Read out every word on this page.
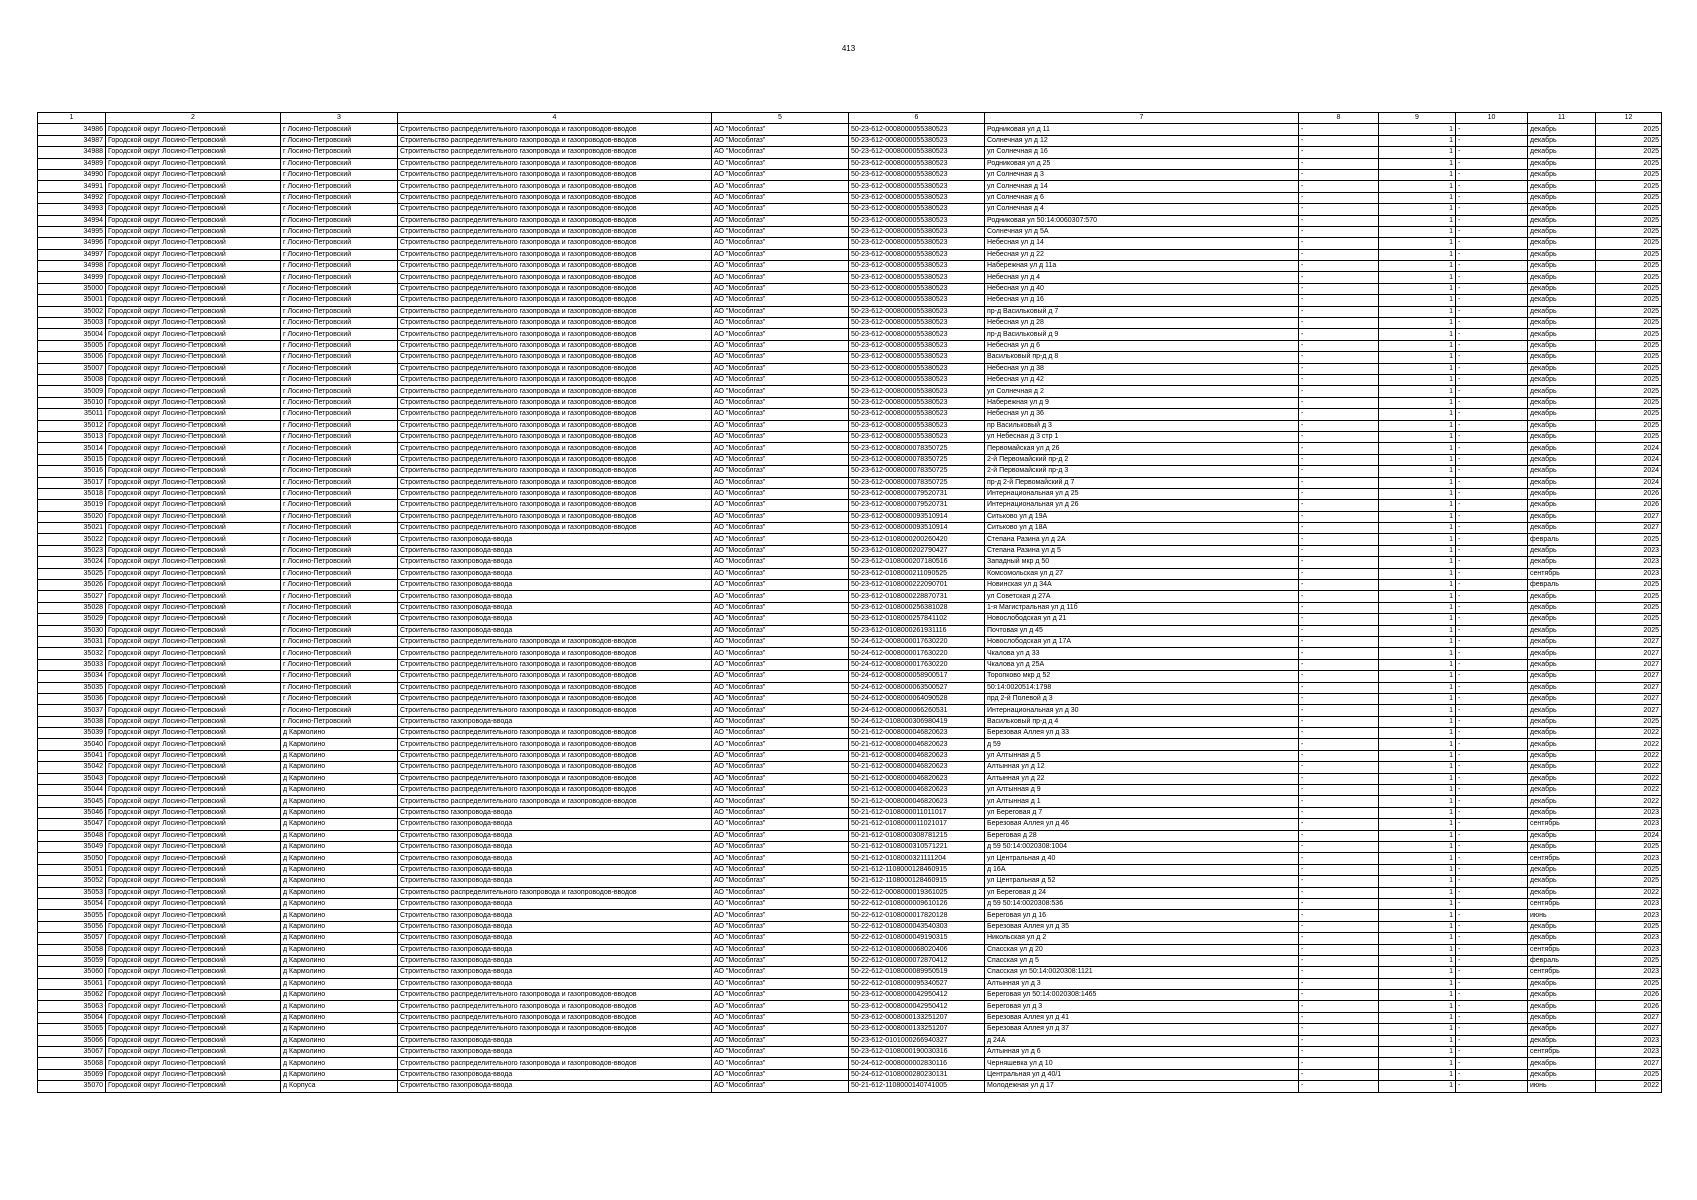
413
1	2	3	4	5	6	7	8	9	10	11	12
34986	Городской округ Лосино-Петровский	г Лосино-Петровский	Строительство распределительного газопровода и газопроводов-вводов	АО "Мособлгаз"	50-23-612-0008000055380523	Родниковая ул д 11	-	1	-	декабрь	2025
34987	Городской округ Лосино-Петровский	г Лосино-Петровский	Строительство распределительного газопровода и газопроводов-вводов	АО "Мособлгаз"	50-23-612-0008000055380523	Солнечная ул д 12	-	1	-	декабрь	2025
34988	Городской округ Лосино-Петровский	г Лосино-Петровский	Строительство распределительного газопровода и газопроводов-вводов	АО "Мособлгаз"	50-23-612-0008000055380523	ул Солнечная д 16	-	1	-	декабрь	2025
34989	Городской округ Лосино-Петровский	г Лосино-Петровский	Строительство распределительного газопровода и газопроводов-вводов	АО "Мособлгаз"	50-23-612-0008000055380523	Родниковая ул д 25	-	1	-	декабрь	2025
34990	Городской округ Лосино-Петровский	г Лосино-Петровский	Строительство распределительного газопровода и газопроводов-вводов	АО "Мособлгаз"	50-23-612-0008000055380523	ул Солнечная д 3	-	1	-	декабрь	2025
34991	Городской округ Лосино-Петровский	г Лосино-Петровский	Строительство распределительного газопровода и газопроводов-вводов	АО "Мособлгаз"	50-23-612-0008000055380523	ул Солнечная д 14	-	1	-	декабрь	2025
34992	Городской округ Лосино-Петровский	г Лосино-Петровский	Строительство распределительного газопровода и газопроводов-вводов	АО "Мособлгаз"	50-23-612-0008000055380523	ул Солнечная д 6	-	1	-	декабрь	2025
34993	Городской округ Лосино-Петровский	г Лосино-Петровский	Строительство распределительного газопровода и газопроводов-вводов	АО "Мособлгаз"	50-23-612-0008000055380523	ул Солнечная д 4	-	1	-	декабрь	2025
34994	Городской округ Лосино-Петровский	г Лосино-Петровский	Строительство распределительного газопровода и газопроводов-вводов	АО "Мособлгаз"	50-23-612-0008000055380523	Родниковая ул 50:14:0060307:570	-	1	-	декабрь	2025
34995	Городской округ Лосино-Петровский	г Лосино-Петровский	Строительство распределительного газопровода и газопроводов-вводов	АО "Мособлгаз"	50-23-612-0008000055380523	Солнечная ул д 5А	-	1	-	декабрь	2025
34996	Городской округ Лосино-Петровский	г Лосино-Петровский	Строительство распределительного газопровода и газопроводов-вводов	АО "Мособлгаз"	50-23-612-0008000055380523	Небесная ул д 14	-	1	-	декабрь	2025
34997	Городской округ Лосино-Петровский	г Лосино-Петровский	Строительство распределительного газопровода и газопроводов-вводов	АО "Мособлгаз"	50-23-612-0008000055380523	Небесная ул д 22	-	1	-	декабрь	2025
34998	Городской округ Лосино-Петровский	г Лосино-Петровский	Строительство распределительного газопровода и газопроводов-вводов	АО "Мособлгаз"	50-23-612-0008000055380523	Набережная ул д 11а	-	1	-	декабрь	2025
34999	Городской округ Лосино-Петровский	г Лосино-Петровский	Строительство распределительного газопровода и газопроводов-вводов	АО "Мособлгаз"	50-23-612-0008000055380523	Небесная ул д 4	-	1	-	декабрь	2025
35000	Городской округ Лосино-Петровский	г Лосино-Петровский	Строительство распределительного газопровода и газопроводов-вводов	АО "Мособлгаз"	50-23-612-0008000055380523	Небесная ул д 40	-	1	-	декабрь	2025
35001	Городской округ Лосино-Петровский	г Лосино-Петровский	Строительство распределительного газопровода и газопроводов-вводов	АО "Мособлгаз"	50-23-612-0008000055380523	Небесная ул д 16	-	1	-	декабрь	2025
35002	Городской округ Лосино-Петровский	г Лосино-Петровский	Строительство распределительного газопровода и газопроводов-вводов	АО "Мособлгаз"	50-23-612-0008000055380523	пр-д Васильковый д 7	-	1	-	декабрь	2025
35003	Городской округ Лосино-Петровский	г Лосино-Петровский	Строительство распределительного газопровода и газопроводов-вводов	АО "Мособлгаз"	50-23-612-0008000055380523	Небесная ул д 28	-	1	-	декабрь	2025
35004	Городской округ Лосино-Петровский	г Лосино-Петровский	Строительство распределительного газопровода и газопроводов-вводов	АО "Мособлгаз"	50-23-612-0008000055380523	пр-д Васильковый д 9	-	1	-	декабрь	2025
35005	Городской округ Лосино-Петровский	г Лосино-Петровский	Строительство распределительного газопровода и газопроводов-вводов	АО "Мособлгаз"	50-23-612-0008000055380523	Небесная ул д 6	-	1	-	декабрь	2025
35006	Городской округ Лосино-Петровский	г Лосино-Петровский	Строительство распределительного газопровода и газопроводов-вводов	АО "Мособлгаз"	50-23-612-0008000055380523	Васильковый пр-д д 8	-	1	-	декабрь	2025
35007	Городской округ Лосино-Петровский	г Лосино-Петровский	Строительство распределительного газопровода и газопроводов-вводов	АО "Мособлгаз"	50-23-612-0008000055380523	Небесная ул д 38	-	1	-	декабрь	2025
35008	Городской округ Лосино-Петровский	г Лосино-Петровский	Строительство распределительного газопровода и газопроводов-вводов	АО "Мособлгаз"	50-23-612-0008000055380523	Небесная ул д 42	-	1	-	декабрь	2025
35009	Городской округ Лосино-Петровский	г Лосино-Петровский	Строительство распределительного газопровода и газопроводов-вводов	АО "Мособлгаз"	50-23-612-0008000055380523	ул Солнечная д 2	-	1	-	декабрь	2025
35010	Городской округ Лосино-Петровский	г Лосино-Петровский	Строительство распределительного газопровода и газопроводов-вводов	АО "Мособлгаз"	50-23-612-0008000055380523	Набережная ул д 9	-	1	-	декабрь	2025
35011	Городской округ Лосино-Петровский	г Лосино-Петровский	Строительство распределительного газопровода и газопроводов-вводов	АО "Мособлгаз"	50-23-612-0008000055380523	Небесная ул д 36	-	1	-	декабрь	2025
35012	Городской округ Лосино-Петровский	г Лосино-Петровский	Строительство распределительного газопровода и газопроводов-вводов	АО "Мособлгаз"	50-23-612-0008000055380523	пр Васильковый д 3	-	1	-	декабрь	2025
35013	Городской округ Лосино-Петровский	г Лосино-Петровский	Строительство распределительного газопровода и газопроводов-вводов	АО "Мособлгаз"	50-23-612-0008000055380523	ул Небесная д 3 стр 1	-	1	-	декабрь	2025
35014	Городской округ Лосино-Петровский	г Лосино-Петровский	Строительство распределительного газопровода и газопроводов-вводов	АО "Мособлгаз"	50-23-612-0008000078350725	Первомайская ул д 26	-	1	-	декабрь	2024
35015	Городской округ Лосино-Петровский	г Лосино-Петровский	Строительство распределительного газопровода и газопроводов-вводов	АО "Мособлгаз"	50-23-612-0008000078350725	2-й Первомайский пр-д 2	-	1	-	декабрь	2024
35016	Городской округ Лосино-Петровский	г Лосино-Петровский	Строительство распределительного газопровода и газопроводов-вводов	АО "Мособлгаз"	50-23-612-0008000078350725	2-й Первомайский пр-д 3	-	1	-	декабрь	2024
35017	Городской округ Лосино-Петровский	г Лосино-Петровский	Строительство распределительного газопровода и газопроводов-вводов	АО "Мособлгаз"	50-23-612-0008000078350725	пр-д 2-й Первомайский д 7	-	1	-	декабрь	2024
35018	Городской округ Лосино-Петровский	г Лосино-Петровский	Строительство распределительного газопровода и газопроводов-вводов	АО "Мособлгаз"	50-23-612-0008000079520731	Интернациональная ул д 25	-	1	-	декабрь	2026
35019	Городской округ Лосино-Петровский	г Лосино-Петровский	Строительство распределительного газопровода и газопроводов-вводов	АО "Мособлгаз"	50-23-612-0008000079520731	Интернациональная ул д 26	-	1	-	декабрь	2026
35020	Городской округ Лосино-Петровский	г Лосино-Петровский	Строительство распределительного газопровода и газопроводов-вводов	АО "Мособлгаз"	50-23-612-0008000093510914	Ситьково ул д 19А	-	1	-	декабрь	2027
35021	Городской округ Лосино-Петровский	г Лосино-Петровский	Строительство распределительного газопровода и газопроводов-вводов	АО "Мособлгаз"	50-23-612-0008000093510914	Ситьково ул д 18А	-	1	-	декабрь	2027
35022	Городской округ Лосино-Петровский	г Лосино-Петровский	Строительство газопровода-ввода	АО "Мособлгаз"	50-23-612-0108000200260420	Степана Разина ул д 2А	-	1	-	февраль	2025
35023	Городской округ Лосино-Петровский	г Лосино-Петровский	Строительство газопровода-ввода	АО "Мособлгаз"	50-23-612-0108000202790427	Степана Разина ул д 5	-	1	-	декабрь	2023
35024	Городской округ Лосино-Петровский	г Лосино-Петровский	Строительство газопровода-ввода	АО "Мособлгаз"	50-23-612-0108000207180516	Западный мкр д 50	-	1	-	декабрь	2023
35025	Городской округ Лосино-Петровский	г Лосино-Петровский	Строительство газопровода-ввода	АО "Мособлгаз"	50-23-612-0108000211090525	Комсомольская ул д 27	-	1	-	сентябрь	2023
35026	Городской округ Лосино-Петровский	г Лосино-Петровский	Строительство газопровода-ввода	АО "Мособлгаз"	50-23-612-0108000222090701	Новинская ул д 34А	-	1	-	февраль	2025
35027	Городской округ Лосино-Петровский	г Лосино-Петровский	Строительство газопровода-ввода	АО "Мособлгаз"	50-23-612-0108000228870731	ул Советская д 27А	-	1	-	декабрь	2025
35028	Городской округ Лосино-Петровский	г Лосино-Петровский	Строительство газопровода-ввода	АО "Мособлгаз"	50-23-612-0108000256381028	1-я Магистральная ул д 11б	-	1	-	декабрь	2025
35029	Городской округ Лосино-Петровский	г Лосино-Петровский	Строительство газопровода-ввода	АО "Мособлгаз"	50-23-612-0108000257841102	Новослободская ул д 21	-	1	-	декабрь	2025
35030	Городской округ Лосино-Петровский	г Лосино-Петровский	Строительство газопровода-ввода	АО "Мособлгаз"	50-23-612-0108000261931116	Почтовая ул д 45	-	1	-	декабрь	2025
35031	Городской округ Лосино-Петровский	г Лосино-Петровский	Строительство распределительного газопровода и газопроводов-вводов	АО "Мособлгаз"	50-24-612-0008000017630220	Новослободская ул д 17А	-	1	-	декабрь	2027
35032	Городской округ Лосино-Петровский	г Лосино-Петровский	Строительство распределительного газопровода и газопроводов-вводов	АО "Мособлгаз"	50-24-612-0008000017630220	Чкалова ул д 33	-	1	-	декабрь	2027
35033	Городской округ Лосино-Петровский	г Лосино-Петровский	Строительство распределительного газопровода и газопроводов-вводов	АО "Мособлгаз"	50-24-612-0008000017630220	Чкалова ул д 25А	-	1	-	декабрь	2027
35034	Городской округ Лосино-Петровский	г Лосино-Петровский	Строительство распределительного газопровода и газопроводов-вводов	АО "Мособлгаз"	50-24-612-0008000058900517	Торопково мкр д 52	-	1	-	декабрь	2027
35035	Городской округ Лосино-Петровский	г Лосино-Петровский	Строительство распределительного газопровода и газопроводов-вводов	АО "Мособлгаз"	50-24-612-0008000063500527	50:14:0020514:1798	-	1	-	декабрь	2027
35036	Городской округ Лосино-Петровский	г Лосино-Петровский	Строительство распределительного газопровода и газопроводов-вводов	АО "Мособлгаз"	50-24-612-0008000064090528	прд 2-й Полевой д 3	-	1	-	декабрь	2027
35037	Городской округ Лосино-Петровский	г Лосино-Петровский	Строительство распределительного газопровода и газопроводов-вводов	АО "Мособлгаз"	50-24-612-0008000066260531	Интернациональная ул д 30	-	1	-	декабрь	2027
35038	Городской округ Лосино-Петровский	г Лосино-Петровский	Строительство газопровода-ввода	АО "Мособлгаз"	50-24-612-0108000306980419	Васильковый пр-д д 4	-	1	-	декабрь	2025
35039	Городской округ Лосино-Петровский	д Кармолино	Строительство распределительного газопровода и газопроводов-вводов	АО "Мособлгаз"	50-21-612-0008000046820623	Березовая Аллея ул д 33	-	1	-	декабрь	2022
35040	Городской округ Лосино-Петровский	д Кармолино	Строительство распределительного газопровода и газопроводов-вводов	АО "Мособлгаз"	50-21-612-0008000046820623	д 59	-	1	-	декабрь	2022
35041	Городской округ Лосино-Петровский	д Кармолино	Строительство распределительного газопровода и газопроводов-вводов	АО "Мособлгаз"	50-21-612-0008000046820623	ул Алтынная д 5	-	1	-	декабрь	2022
35042	Городской округ Лосино-Петровский	д Кармолино	Строительство распределительного газопровода и газопроводов-вводов	АО "Мособлгаз"	50-21-612-0008000046820623	Алтынная ул д 12	-	1	-	декабрь	2022
35043	Городской округ Лосино-Петровский	д Кармолино	Строительство распределительного газопровода и газопроводов-вводов	АО "Мособлгаз"	50-21-612-0008000046820623	Алтынная ул д 22	-	1	-	декабрь	2022
35044	Городской округ Лосино-Петровский	д Кармолино	Строительство распределительного газопровода и газопроводов-вводов	АО "Мособлгаз"	50-21-612-0008000046820623	ул Алтынная д 9	-	1	-	декабрь	2022
35045	Городской округ Лосино-Петровский	д Кармолино	Строительство распределительного газопровода и газопроводов-вводов	АО "Мособлгаз"	50-21-612-0008000046820623	ул Алтынная д 1	-	1	-	декабрь	2022
35046	Городской округ Лосино-Петровский	д Кармолино	Строительство газопровода-ввода	АО "Мособлгаз"	50-21-612-0108000011011017	ул Береговая д 7	-	1	-	декабрь	2023
35047	Городской округ Лосино-Петровский	д Кармолино	Строительство газопровода-ввода	АО "Мособлгаз"	50-21-612-0108000011021017	Березовая Аллея ул д 46	-	1	-	сентябрь	2023
35048	Городской округ Лосино-Петровский	д Кармолино	Строительство газопровода-ввода	АО "Мособлгаз"	50-21-612-0108000308781215	Береговая д 28	-	1	-	декабрь	2024
35049	Городской округ Лосино-Петровский	д Кармолино	Строительство газопровода-ввода	АО "Мособлгаз"	50-21-612-0108000310571221	д 59 50:14:0020308:1004	-	1	-	декабрь	2025
35050	Городской округ Лосино-Петровский	д Кармолино	Строительство газопровода-ввода	АО "Мособлгаз"	50-21-612-0108000321111204	ул Центральная д 40	-	1	-	сентябрь	2023
35051	Городской округ Лосино-Петровский	д Кармолино	Строительство газопровода-ввода	АО "Мособлгаз"	50-21-612-1108000128460915	д 16А	-	1	-	декабрь	2025
35052	Городской округ Лосино-Петровский	д Кармолино	Строительство газопровода-ввода	АО "Мособлгаз"	50-21-612-1108000128460915	ул Центральная д 52	-	1	-	декабрь	2025
35053	Городской округ Лосино-Петровский	д Кармолино	Строительство распределительного газопровода и газопроводов-вводов	АО "Мособлгаз"	50-22-612-0008000019361025	ул Береговая д 24	-	1	-	декабрь	2022
35054	Городской округ Лосино-Петровский	д Кармолино	Строительство газопровода-ввода	АО "Мособлгаз"	50-22-612-0108000009610126	д 59 50:14:0020308:536	-	1	-	сентябрь	2023
35055	Городской округ Лосино-Петровский	д Кармолино	Строительство газопровода-ввода	АО "Мособлгаз"	50-22-612-0108000017820128	Береговая ул д 16	-	1	-	июнь	2023
35056	Городской округ Лосино-Петровский	д Кармолино	Строительство газопровода-ввода	АО "Мособлгаз"	50-22-612-0108000043540303	Березовая Аллея ул д 35	-	1	-	декабрь	2025
35057	Городской округ Лосино-Петровский	д Кармолино	Строительство газопровода-ввода	АО "Мособлгаз"	50-22-612-0108000049190315	Никольская ул д 2	-	1	-	декабрь	2023
35058	Городской округ Лосино-Петровский	д Кармолино	Строительство газопровода-ввода	АО "Мособлгаз"	50-22-612-0108000068020406	Спасская ул д 20	-	1	-	сентябрь	2023
35059	Городской округ Лосино-Петровский	д Кармолино	Строительство газопровода-ввода	АО "Мособлгаз"	50-22-612-0108000072870412	Спасская ул д 5	-	1	-	февраль	2025
35060	Городской округ Лосино-Петровский	д Кармолино	Строительство газопровода-ввода	АО "Мособлгаз"	50-22-612-0108000089950519	Спасская ул 50:14:0020308:1121	-	1	-	сентябрь	2023
35061	Городской округ Лосино-Петровский	д Кармолино	Строительство газопровода-ввода	АО "Мособлгаз"	50-22-612-0108000095340527	Алтынная ул д 3	-	1	-	декабрь	2025
35062	Городской округ Лосино-Петровский	д Кармолино	Строительство распределительного газопровода и газопроводов-вводов	АО "Мособлгаз"	50-23-612-0008000042950412	Береговая ул 50:14:0020308:1465	-	1	-	декабрь	2026
35063	Городской округ Лосино-Петровский	д Кармолино	Строительство распределительного газопровода и газопроводов-вводов	АО "Мособлгаз"	50-23-612-0008000042950412	Береговая ул д 3	-	1	-	декабрь	2026
35064	Городской округ Лосино-Петровский	д Кармолино	Строительство распределительного газопровода и газопроводов-вводов	АО "Мособлгаз"	50-23-612-0008000133251207	Березовая Аллея ул д 41	-	1	-	декабрь	2027
35065	Городской округ Лосино-Петровский	д Кармолино	Строительство распределительного газопровода и газопроводов-вводов	АО "Мособлгаз"	50-23-612-0008000133251207	Березовая Аллея ул д 37	-	1	-	декабрь	2027
35066	Городской округ Лосино-Петровский	д Кармолино	Строительство газопровода-ввода	АО "Мособлгаз"	50-23-612-0101000266940327	д 24А	-	1	-	декабрь	2023
35067	Городской округ Лосино-Петровский	д Кармолино	Строительство газопровода-ввода	АО "Мособлгаз"	50-23-612-0108000190030316	Алтынная ул д 6	-	1	-	сентябрь	2023
35068	Городской округ Лосино-Петровский	д Кармолино	Строительство распределительного газопровода и газопроводов-вводов	АО "Мособлгаз"	50-24-612-0008000002830116	Черняшевка ул д 10	-	1	-	декабрь	2027
35069	Городской округ Лосино-Петровский	д Кармолино	Строительство газопровода-ввода	АО "Мособлгаз"	50-24-612-0108000280230131	Центральная ул д 40/1	-	1	-	декабрь	2025
35070	Городской округ Лосино-Петровский	д Корпуса	Строительство газопровода-ввода	АО "Мособлгаз"	50-21-612-1108000140741005	Молодежная ул д 17	-	1	-	июнь	2022
